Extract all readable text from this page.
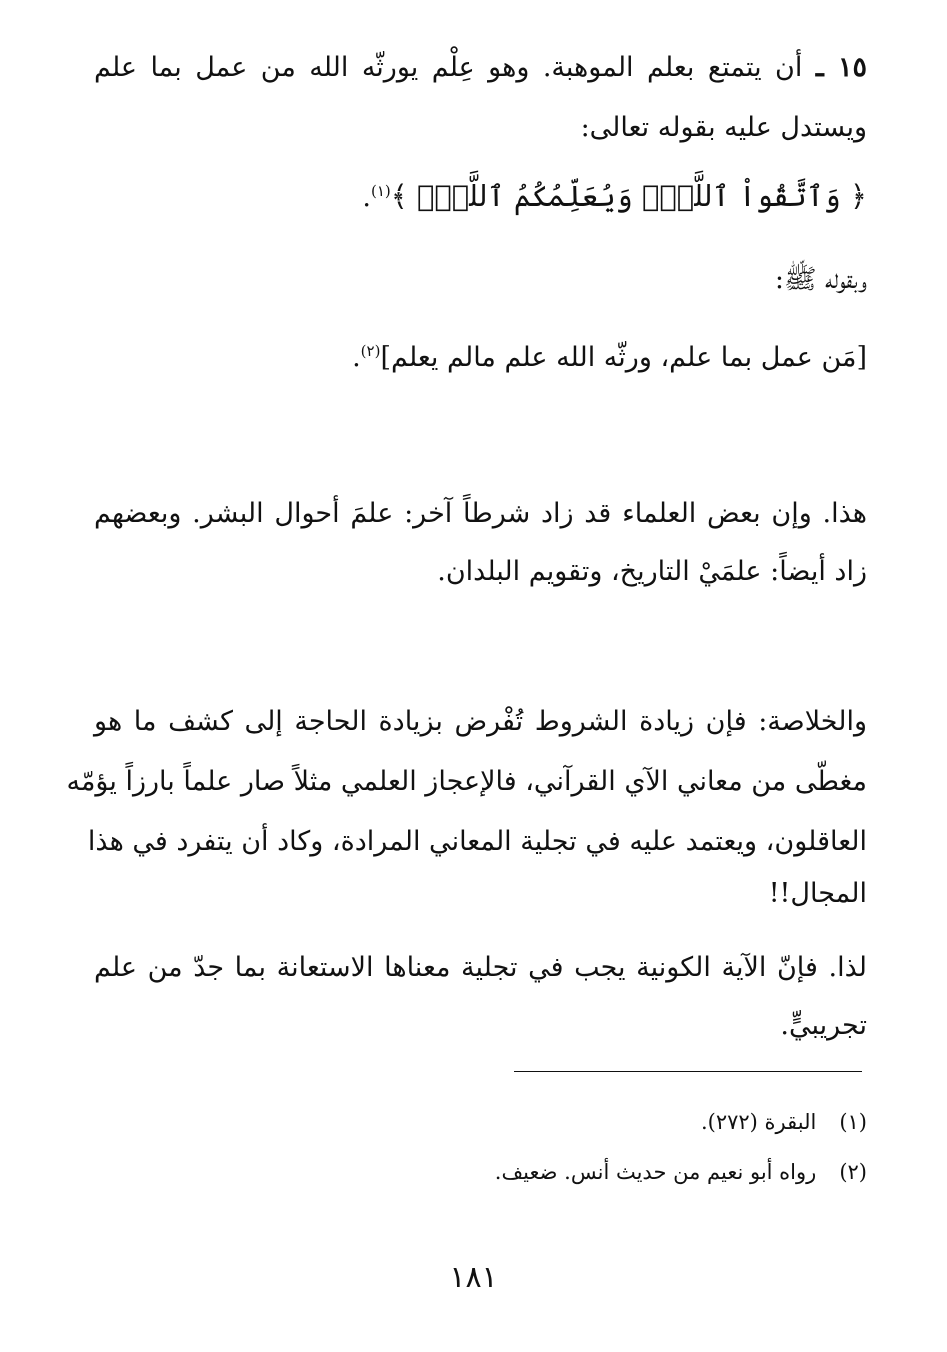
١٥ ـ أن يتمتع بعلم الموهبة. وهو عِلْم يورثّه الله من عمل بما علم
ويستدل عليه بقوله تعالى:
﴿ وَٱتَّقُواْ ٱللَّهَۖ وَيُعَلِّمُكُمُ ٱللَّهُۗ ﴾$^{(١)}$.
وبقوله ﷺ:
[مَن عمل بما علم، ورثّه الله علم مالم يعلم]$^{(٢)}$.
هذا. وإن بعض العلماء قد زاد شرطاً آخر: علمَ أحوال البشر. وبعضهم
زاد أيضاً: علمَيْ التاريخ، وتقويم البلدان.
والخلاصة: فإن زيادة الشروط تُفْرض بزيادة الحاجة إلى كشف ما هو
مغطّى من معاني الآي القرآني، فالإعجاز العلمي مثلاً صار علماً بارزاً يؤمّه
العاقلون، ويعتمد عليه في تجلية المعاني المرادة، وكاد أن يتفرد في هذا
المجال!!
لذا. فإنّ الآية الكونية يجب في تجلية معناها الاستعانة بما جدّ من علم
تجريبيٍّ.
(١) البقرة (٢٧٢).
(٢) رواه أبو نعيم من حديث أنس. ضعيف.
١٨١
